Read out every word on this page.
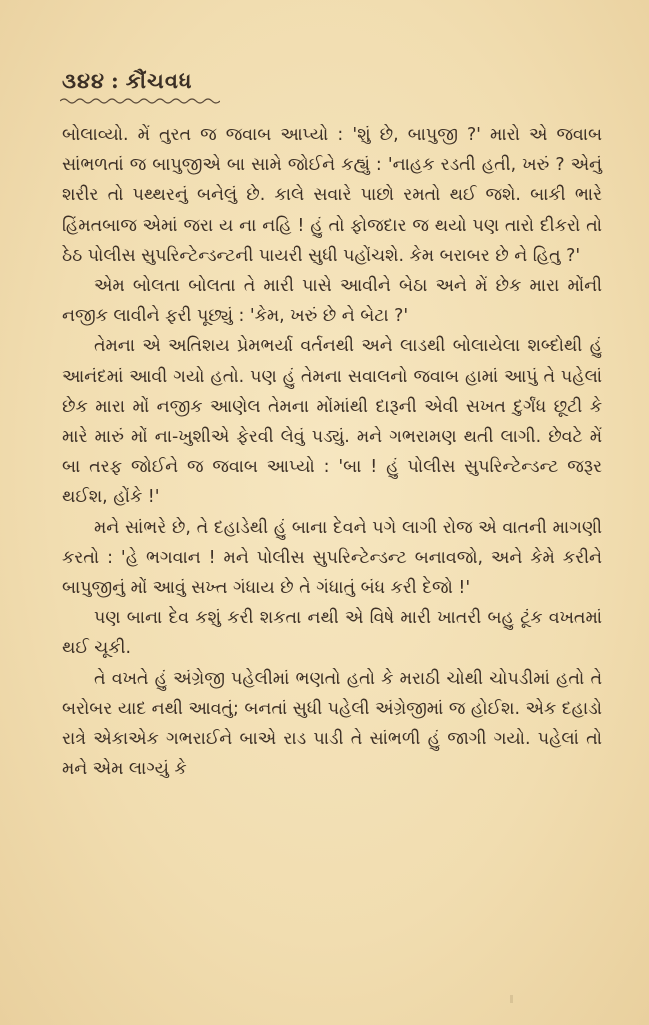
૩૪૪ : કૌંચવધ

બોલાવ્યો. મેં તુરત જ જવાબ આપ્યો : 'શું છે, બાપુજી ?' મારો એ જવાબ સાંભળતાં જ બાપુજીએ બા સામે જોઈને કહ્યું : 'નાહક રડતી હતી, ખરું ? એનું શરીર તો પથ્થરનું બનેલું છે. કાલે સવારે પાછો રમતો થઈ જશે. બાકી ભારે હિંમતબાજ એમાં જરા ય ના નહિ ! હું તો ફોજદાર જ થયો પણ તારો દીકરો તો ઠેઠ પોલીસ સુપરિન્ટેન્ડન્ટની પાયરી સુધી પહોંચશે. કેમ બરાબર છે ને હિતુ ?'

એમ બોલતા બોલતા તે મારી પાસે આવીને બેઠા અને મેં છેક મારા મોંની નજીક લાવીને ફરી પૂછ્યું : 'કેમ, ખરું છે ને બેટા ?'

તેમના એ અતિશય પ્રેમભર્યા વર્તનથી અને લાડથી બોલાયેલા શબ્દોથી હું આનંદમાં આવી ગયો હતો. પણ હું તેમના સવાલનો જવાબ હામાં આપું તે પહેલાં છેક મારા મોં નજીક આણેલ તેમના મોંમાંથી દારૂની એવી સખત દુર્ગંધ છૂટી કે મારે મારું મોં ના-ખુશીએ ફેરવી લેવું પડ્યું. મને ગભરામણ થતી લાગી. છેવટે મેં બા તરફ જોઈને જ જવાબ આપ્યો : 'બા ! હું પોલીસ સુપરિન્ટેન્ડન્ટ જરૂર થઈશ, હોંકે !'

મને સાંભરે છે, તે દહાડેથી હું બાના દેવને પગે લાગી રોજ એ વાતની માગણી કરતો : 'હે ભગવાન ! મને પોલીસ સુપરિન્ટેન્ડન્ટ બનાવજો, અને કેમે કરીને બાપુજીનું મોં આવું સખ્ત ગંધાય છે તે ગંધાતું બંધ કરી દેજો !'

પણ બાના દેવ કશું કરી શકતા નથી એ વિષે મારી ખાતરી બહુ ટૂંક વખતમાં થઈ ચૂકી.

તે વખતે હું અંગ્રેજી પહેલીમાં ભણતો હતો કે મરાઠી ચોથી ચોપડીમાં હતો તે બરોબર યાદ નથી આવતું; બનતાં સુધી પહેલી અંગ્રેજીમાં જ હોઈશ. એક દહાડો રાત્રે એકાએક ગભરાઈને બાએ રાડ પાડી તે સાંભળી હું જાગી ગયો. પહેલાં તો મને એમ લાગ્યું કે
